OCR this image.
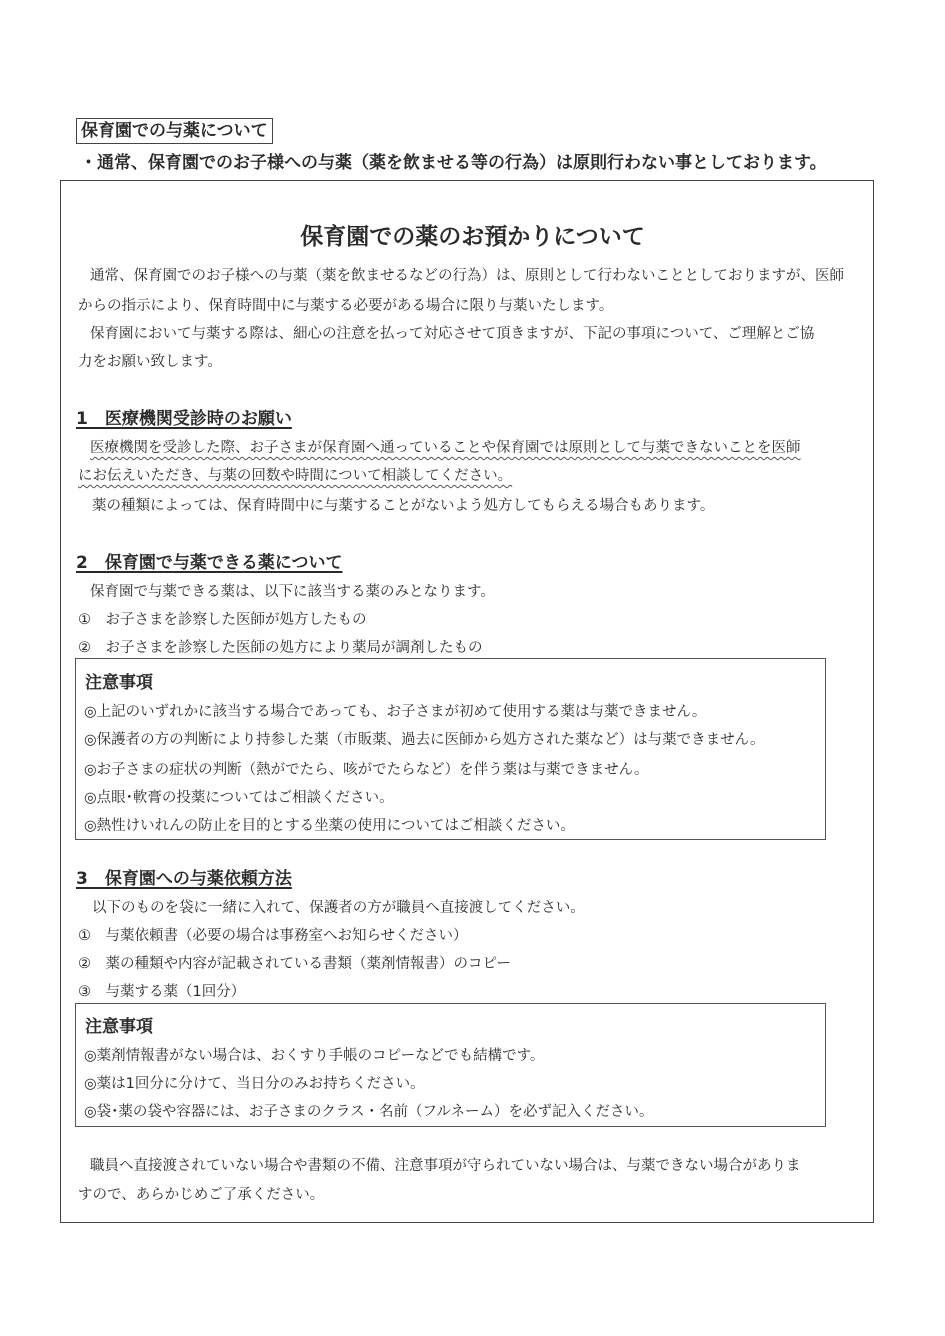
保育園での与薬について
・通常、保育園でのお子様への与薬（薬を飲ませる等の行為）は原則行わない事としております。
保育園での薬のお預かりについて
通常、保育園でのお子様への与薬（薬を飲ませるなどの行為）は、原則として行わないこととしておりますが、医師
からの指示により、保育時間中に与薬する必要がある場合に限り与薬いたします。
保育園において与薬する際は、細心の注意を払って対応させて頂きますが、下記の事項について、ご理解とご協
力をお願い致します。
1　医療機関受診時のお願い
医療機関を受診した際、お子さまが保育園へ通っていることや保育園では原則として与薬できないことを医師
にお伝えいただき、与薬の回数や時間について相談してください。
薬の種類によっては、保育時間中に与薬することがないよう処方してもらえる場合もあります。
2　保育園で与薬できる薬について
保育園で与薬できる薬は、以下に該当する薬のみとなります。
①　お子さまを診察した医師が処方したもの
②　お子さまを診察した医師の処方により薬局が調剤したもの
注意事項
◎上記のいずれかに該当する場合であっても、お子さまが初めて使用する薬は与薬できません。
◎保護者の方の判断により持参した薬（市販薬、過去に医師から処方された薬など）は与薬できません。
◎お子さまの症状の判断（熱がでたら、咳がでたらなど）を伴う薬は与薬できません。
◎点眼･軟膏の投薬についてはご相談ください。
◎熱性けいれんの防止を目的とする坐薬の使用についてはご相談ください。
3　保育園への与薬依頼方法
以下のものを袋に一緒に入れて、保護者の方が職員へ直接渡してください。
①　与薬依頼書（必要の場合は事務室へお知らせください）
②　薬の種類や内容が記載されている書類（薬剤情報書）のコピー
③　与薬する薬（1回分）
注意事項
◎薬剤情報書がない場合は、おくすり手帳のコピーなどでも結構です。
◎薬は1回分に分けて、当日分のみお持ちください。
◎袋･薬の袋や容器には、お子さまのクラス・名前（フルネーム）を必ず記入ください。
職員へ直接渡されていない場合や書類の不備、注意事項が守られていない場合は、与薬できない場合がありま
すので、あらかじめご了承ください。
